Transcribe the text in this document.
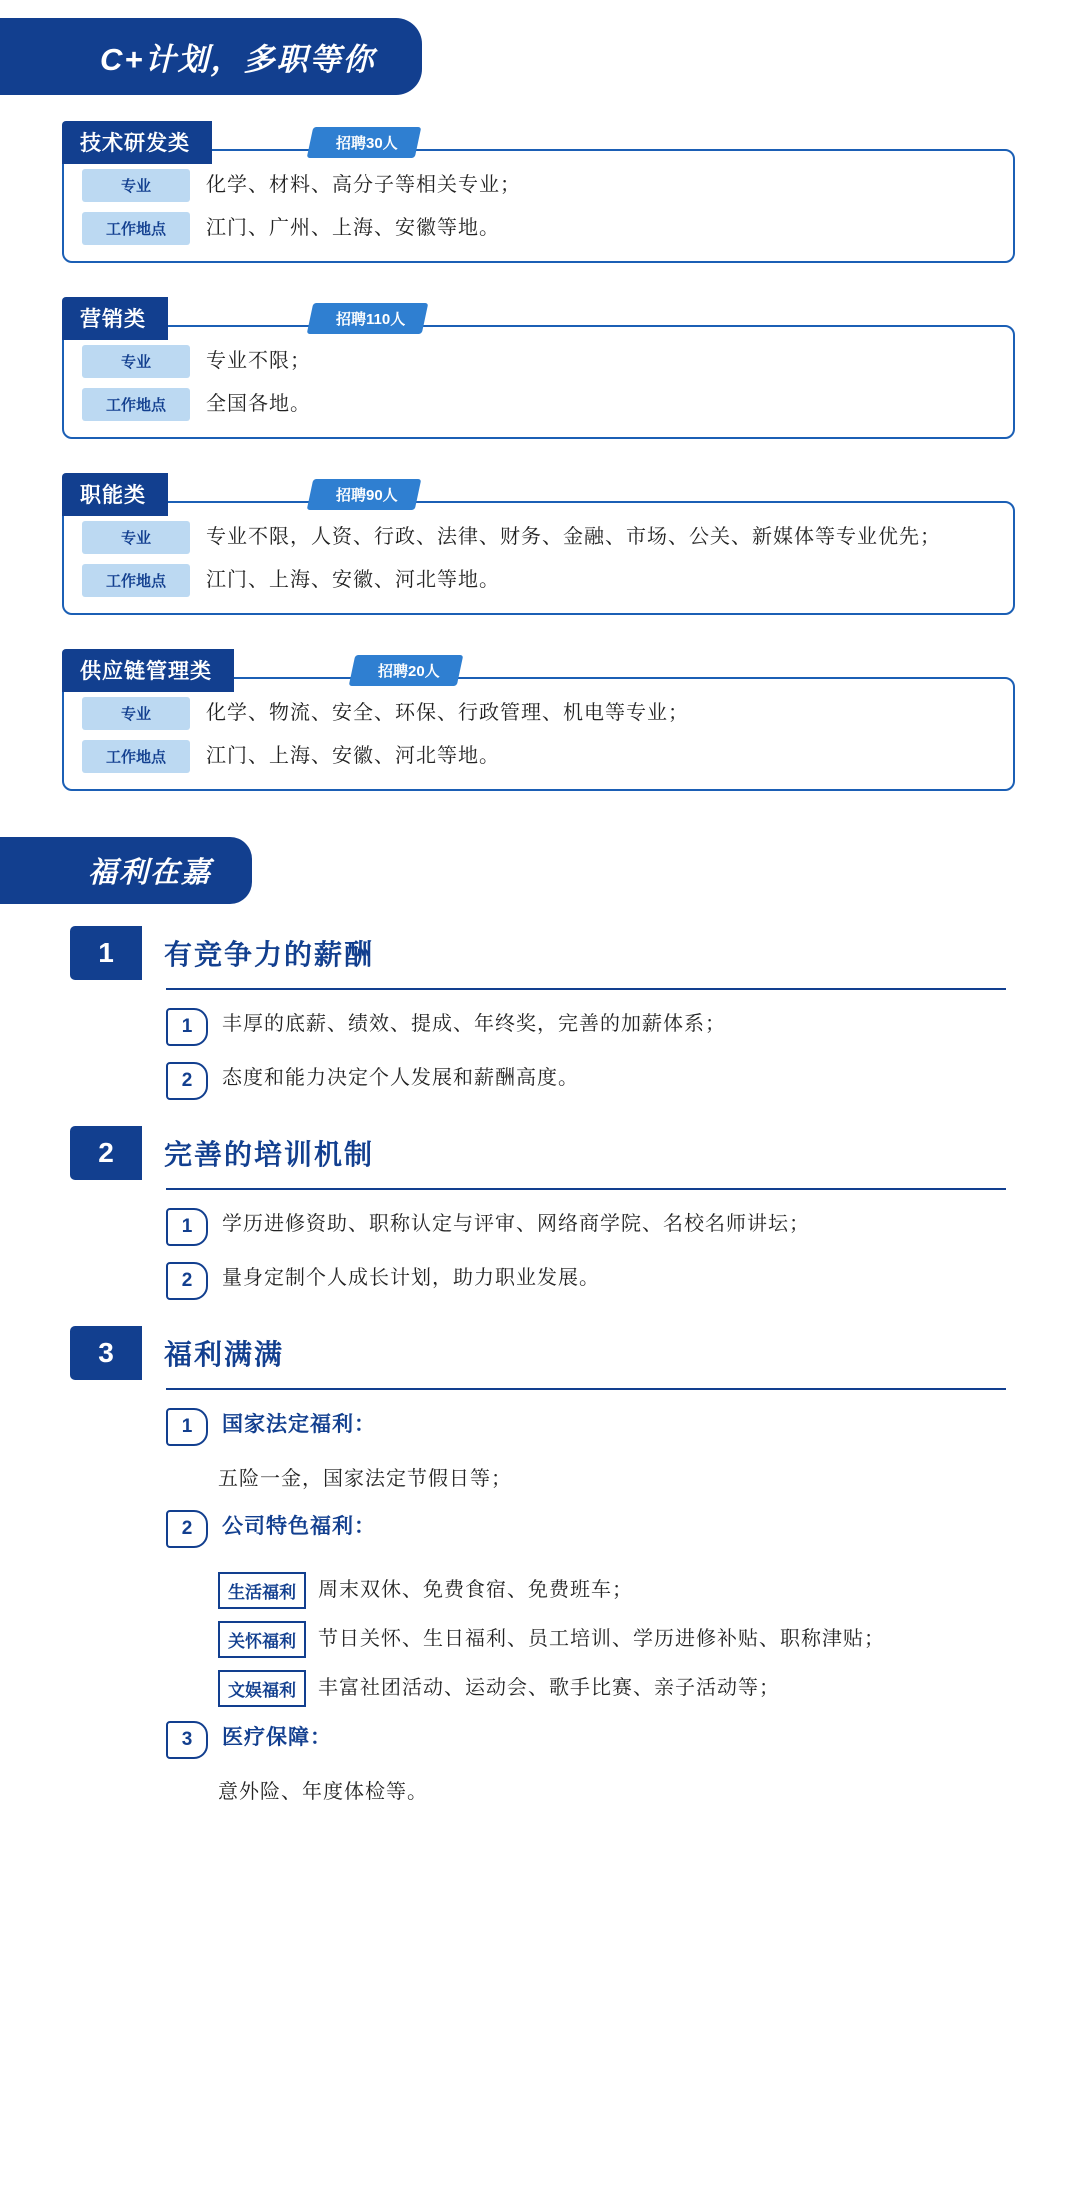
C+计划，多职等你
技术研发类	招聘30人
专业	化学、材料、高分子等相关专业；
工作地点	江门、广州、上海、安徽等地。
营销类	招聘110人
专业	专业不限；
工作地点	全国各地。
职能类	招聘90人
专业	专业不限，人资、行政、法律、财务、金融、市场、公关、新媒体等专业优先；
工作地点	江门、上海、安徽、河北等地。
供应链管理类	招聘20人
专业	化学、物流、安全、环保、行政管理、机电等专业；
工作地点	江门、上海、安徽、河北等地。
福利在嘉
1	有竞争力的薪酬
1	丰厚的底薪、绩效、提成、年终奖，完善的加薪体系；
2	态度和能力决定个人发展和薪酬高度。
2	完善的培训机制
1	学历进修资助、职称认定与评审、网络商学院、名校名师讲坛；
2	量身定制个人成长计划，助力职业发展。
3	福利满满
1	国家法定福利：
五险一金，国家法定节假日等；
2	公司特色福利：
生活福利	周末双休、免费食宿、免费班车；
关怀福利	节日关怀、生日福利、员工培训、学历进修补贴、职称津贴；
文娱福利	丰富社团活动、运动会、歌手比赛、亲子活动等；
3	医疗保障：
意外险、年度体检等。
